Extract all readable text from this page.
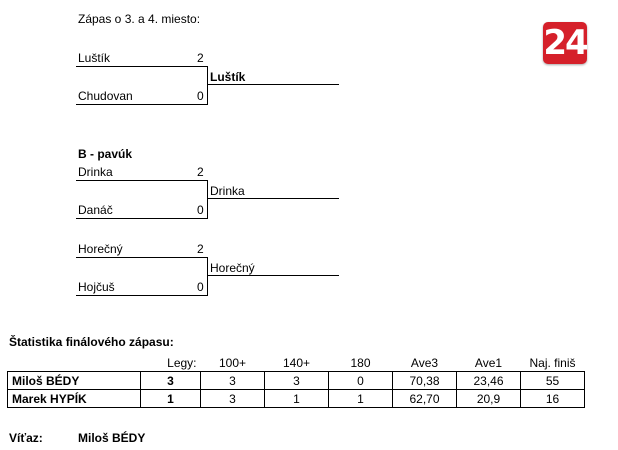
Zápas o 3. a 4. miesto:
Luštík	2
Luštík
Chudovan	0
24
B - pavúk
Drinka	2
Drinka
Danáč	0
Horečný	2
Horečný
Hojčuš	0
Štatistika finálového zápasu:
	Legy:	100+	140+	180	Ave3	Ave1	Naj. finiš
Miloš BÉDY	3	3	3	0	70,38	23,46	55
Marek HYPÍK	1	3	1	1	62,70	20,9	16
Víťaz:	Miloš BÉDY
